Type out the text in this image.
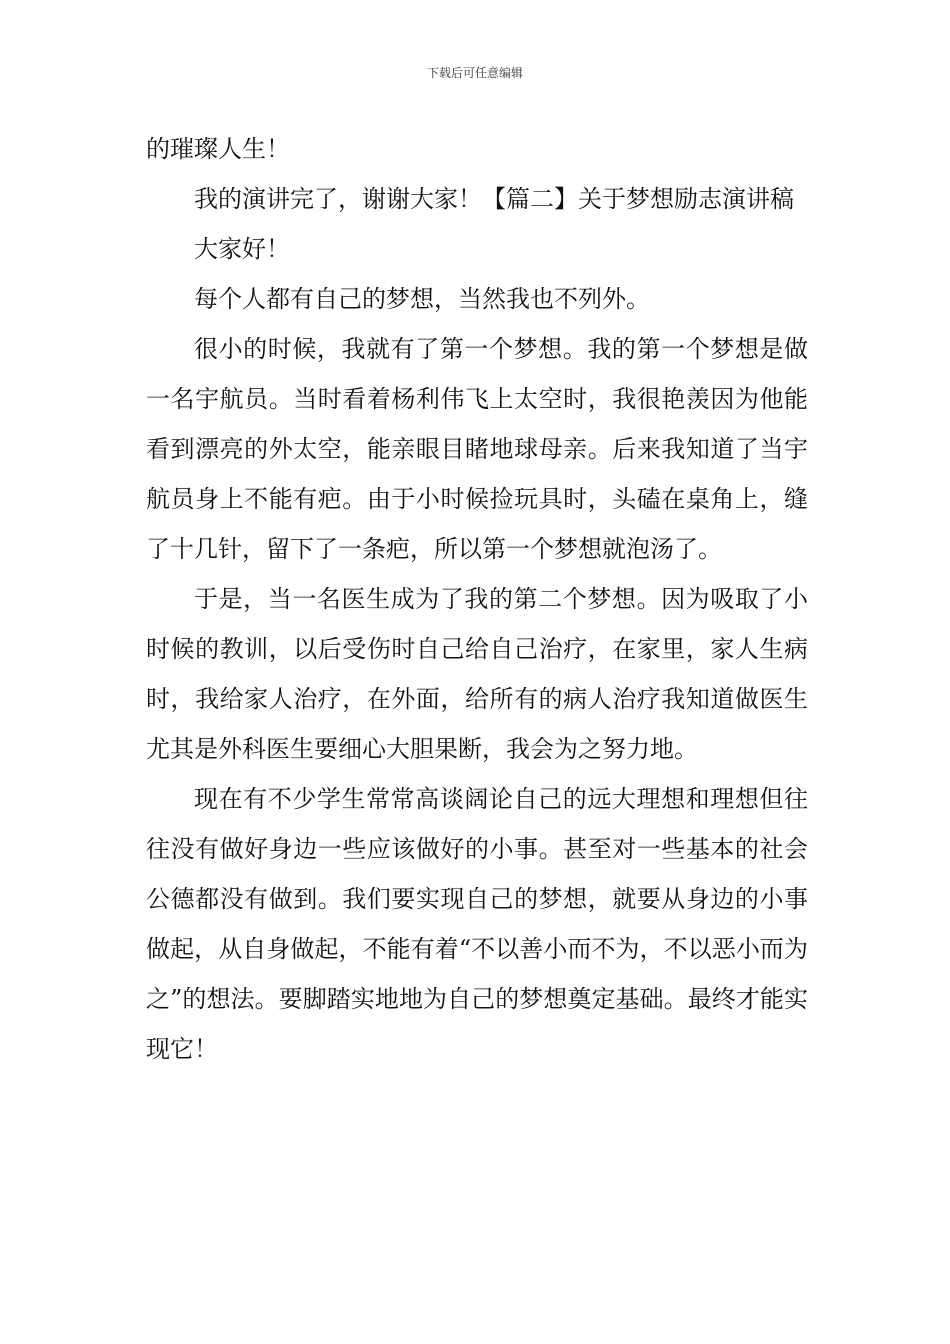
下载后可任意编辑

的璀璨人生！

我的演讲完了，谢谢大家！【篇二】关于梦想励志演讲稿

大家好！

每个人都有自己的梦想，当然我也不列外。

很小的时候，我就有了第一个梦想。我的第一个梦想是做一名宇航员。当时看着杨利伟飞上太空时，我很艳羡因为他能看到漂亮的外太空，能亲眼目睹地球母亲。后来我知道了当宇航员身上不能有疤。由于小时候捡玩具时，头磕在桌角上，缝了十几针，留下了一条疤，所以第一个梦想就泡汤了。

于是，当一名医生成为了我的第二个梦想。因为吸取了小时候的教训，以后受伤时自己给自己治疗，在家里，家人生病时，我给家人治疗，在外面，给所有的病人治疗我知道做医生尤其是外科医生要细心大胆果断，我会为之努力地。

现在有不少学生常常高谈阔论自己的远大理想和理想但往往没有做好身边一些应该做好的小事。甚至对一些基本的社会公德都没有做到。我们要实现自己的梦想，就要从身边的小事做起，从自身做起，不能有着“不以善小而不为，不以恶小而为之”的想法。要脚踏实地地为自己的梦想奠定基础。最终才能实现它！
